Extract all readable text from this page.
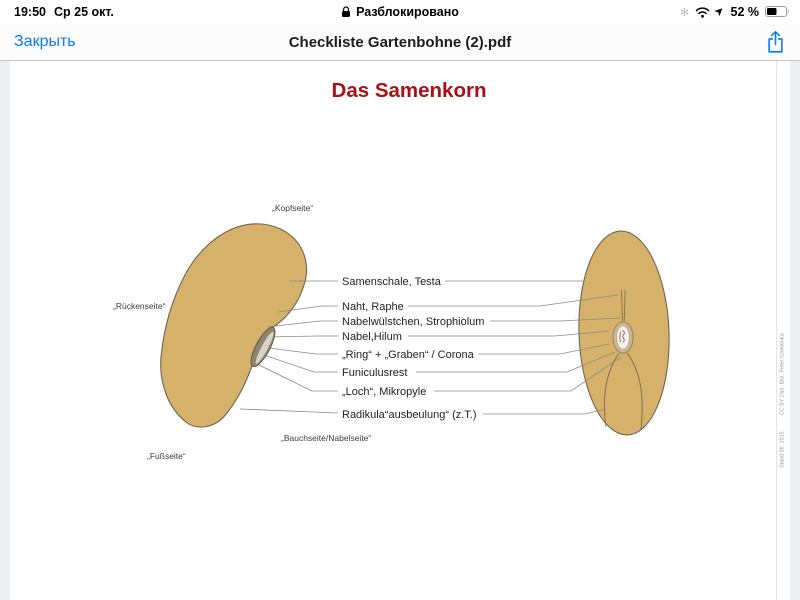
19:50 Ср 25 окт.	Разблокировано	✻ ➤ 52 %
Закрыть	Checkliste Gartenbohne (2).pdf
Das Samenkorn
Samenschale, Testa
Naht, Raphe
Nabelwülstchen, Strophiolum
Nabel,Hilum
„Ring“ + „Graben“ / Corona
Funiculusrest
„Loch“, Mikropyle
Radikula“ausbeulung“ (z.T.)
„Kopfseite“
„Rückenseite“
„Fußseite“
„Bauchseite/Nabelseite“
CC BY Dipl.-Biol. Peter Szeklenka
Stand 08. 2015
